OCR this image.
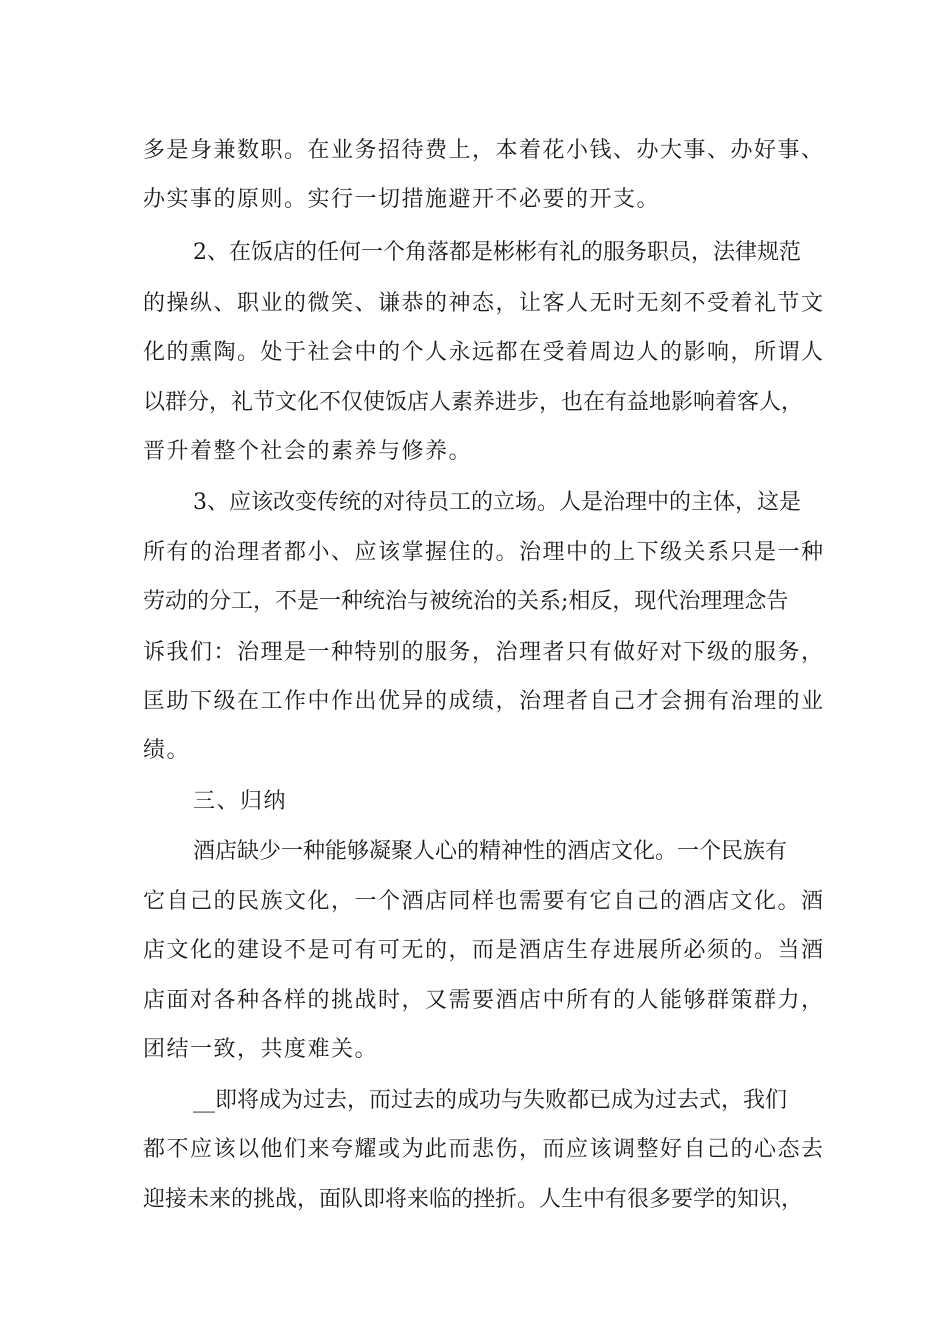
多是身兼数职。在业务招待费上，本着花小钱、办大事、办好事、
办实事的原则。实行一切措施避开不必要的开支。
2、在饭店的任何一个角落都是彬彬有礼的服务职员，法律规范
的操纵、职业的微笑、谦恭的神态，让客人无时无刻不受着礼节文
化的熏陶。处于社会中的个人永远都在受着周边人的影响，所谓人
以群分，礼节文化不仅使饭店人素养进步，也在有益地影响着客人，
晋升着整个社会的素养与修养。
3、应该改变传统的对待员工的立场。人是治理中的主体，这是
所有的治理者都小、应该掌握住的。治理中的上下级关系只是一种
劳动的分工，不是一种统治与被统治的关系;相反，现代治理理念告
诉我们：治理是一种特别的服务，治理者只有做好对下级的服务，
匡助下级在工作中作出优异的成绩，治理者自己才会拥有治理的业
绩。
三、归纳
酒店缺少一种能够凝聚人心的精神性的酒店文化。一个民族有
它自己的民族文化，一个酒店同样也需要有它自己的酒店文化。酒
店文化的建设不是可有可无的，而是酒店生存进展所必须的。当酒
店面对各种各样的挑战时，又需要酒店中所有的人能够群策群力，
团结一致，共度难关。
__即将成为过去，而过去的成功与失败都已成为过去式，我们
都不应该以他们来夸耀或为此而悲伤，而应该调整好自己的心态去
迎接未来的挑战，面队即将来临的挫折。人生中有很多要学的知识，
